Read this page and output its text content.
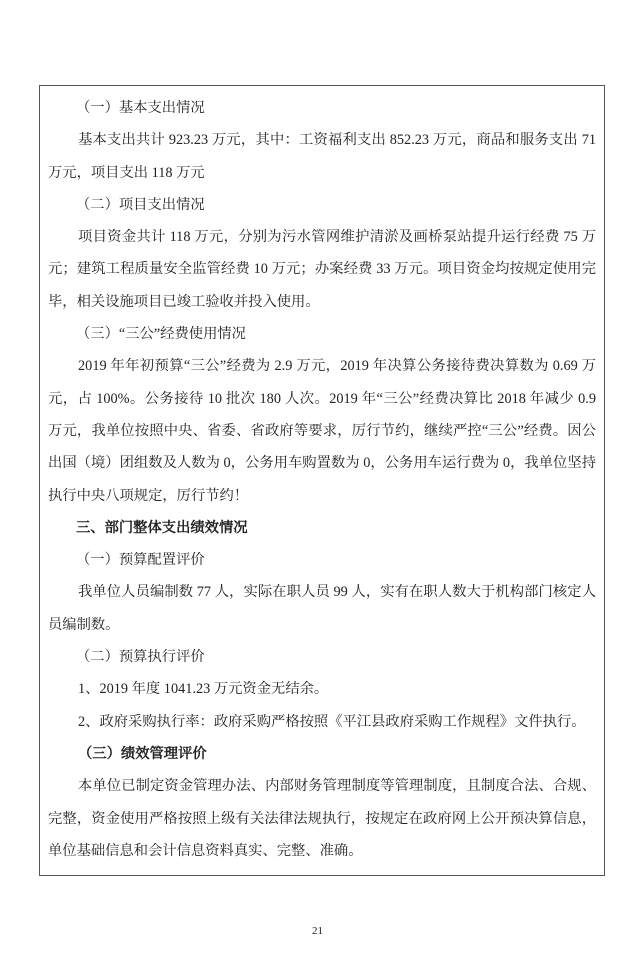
（一）基本支出情况

基本支出共计 923.23 万元，其中：工资福利支出 852.23 万元，商品和服务支出 71 万元，项目支出 118 万元

（二）项目支出情况

项目资金共计 118 万元，分别为污水管网维护清淤及画桥泵站提升运行经费 75 万元；建筑工程质量安全监管经费 10 万元；办案经费 33 万元。项目资金均按规定使用完毕，相关设施项目已竣工验收并投入使用。

（三）“三公”经费使用情况

2019 年年初预算“三公”经费为 2.9 万元，2019 年决算公务接待费决算数为 0.69 万元，占 100%。公务接待 10 批次 180 人次。2019 年“三公”经费决算比 2018 年减少 0.9 万元，我单位按照中央、省委、省政府等要求，厉行节约，继续严控“三公”经费。因公出国（境）团组数及人数为 0，公务用车购置数为 0，公务用车运行费为 0，我单位坚持执行中央八项规定，厉行节约！

三、部门整体支出绩效情况

（一）预算配置评价

我单位人员编制数 77 人，实际在职人员 99 人，实有在职人数大于机构部门核定人员编制数。

（二）预算执行评价

1、2019 年度 1041.23 万元资金无结余。

2、政府采购执行率：政府采购严格按照《平江县政府采购工作规程》文件执行。

（三）绩效管理评价

本单位已制定资金管理办法、内部财务管理制度等管理制度，且制度合法、合规、完整，资金使用严格按照上级有关法律法规执行，按规定在政府网上公开预决算信息，单位基础信息和会计信息资料真实、完整、准确。

21
